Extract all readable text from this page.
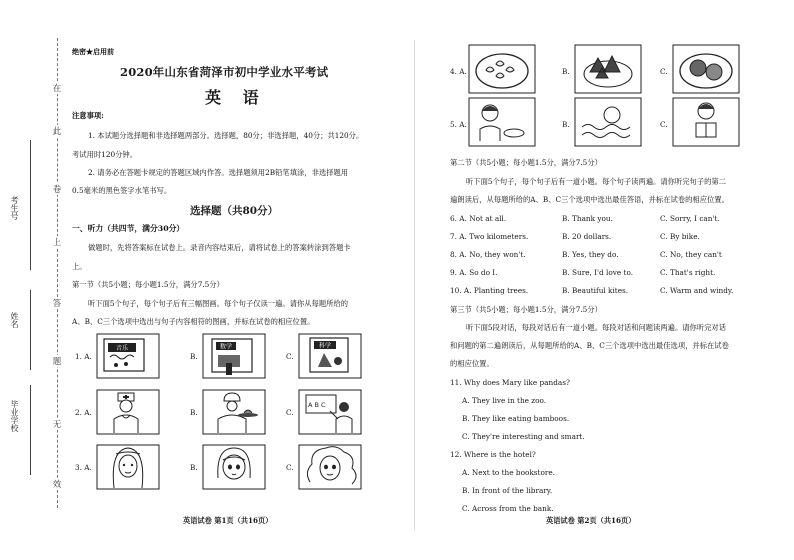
在
此
卷
上
答
题
无
效
考生号
姓名
毕业学校
绝密★启用前
2020年山东省菏泽市初中学业水平考试
英 语
注意事项:
1. 本试题分选择题和非选择题两部分。选择题，80分；非选择题，40分；共120分。
考试用时120分钟。
2. 请务必在答题卡规定的答题区域内作答。选择题须用2B铅笔填涂，非选择题用
0.5毫米的黑色签字水笔书写。
选择题（共80分）
一、听力（共四节，满分30分）
做题时，先将答案标在试卷上。录音内容结束后，请将试卷上的答案转涂到答题卡
上。
第一节（共5小题；每小题1.5分，满分7.5分）
听下面5个句子，每个句子后有三幅图画。每个句子仅读一遍。请你从每题所给的
A、B、C三个选项中选出与句子内容相符的图画，并标在试卷的相应位置。
1. A.	B.	C.
2. A.	B.	C.
3. A.	B.	C.
音乐	数学	科学
A B C
英语试卷 第1页（共16页）
4. A.	B.	C.
5. A.	B.	C.
第二节（共5小题；每小题1.5分，满分7.5分）
听下面5个句子，每个句子后有一道小题。每个句子读两遍。请你听完句子的第二
遍朗读后，从每题所给的A、B、C三个选项中选出最佳答语，并标在试卷的相应位置。
6. A. Not at all.	B. Thank you.	C. Sorry, I can't.
7. A. Two kilometers.	B. 20 dollars.	C. By bike.
8. A. No, they won't.	B. Yes, they do.	C. No, they can't
9. A. So do I.	B. Sure, I'd love to.	C. That's right.
10. A. Planting trees.	B. Beautiful kites.	C. Warm and windy.
第三节（共5小题；每小题1.5分，满分7.5分）
听下面5段对话，每段对话后有一道小题。每段对话和问题读两遍。请你听完对话
和问题的第二遍朗读后，从每题所给的A、B、C三个选项中选出最佳选项，并标在试卷
的相应位置。
11. Why does Mary like pandas?
A. They live in the zoo.
B. They like eating bamboos.
C. They're interesting and smart.
12. Where is the hotel?
A. Next to the bookstore.
B. In front of the library.
C. Across from the bank.
英语试卷 第2页（共16页）
